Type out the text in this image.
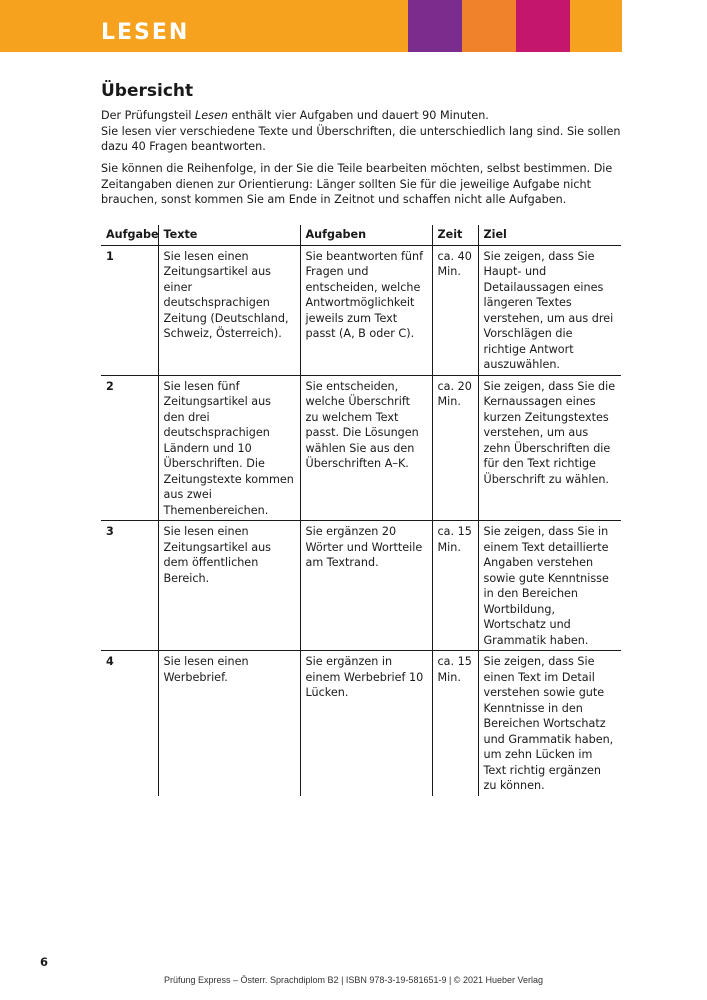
LESEN
Übersicht

Der Prüfungsteil Lesen enthält vier Aufgaben und dauert 90 Minuten.
Sie lesen vier verschiedene Texte und Überschriften, die unterschiedlich lang sind. Sie sollen dazu 40 Fragen beantworten.

Sie können die Reihenfolge, in der Sie die Teile bearbeiten möchten, selbst bestimmen. Die Zeitangaben dienen zur Orientierung: Länger sollten Sie für die jeweilige Aufgabe nicht brauchen, sonst kommen Sie am Ende in Zeitnot und schaffen nicht alle Aufgaben.

Aufgabe	Texte	Aufgaben	Zeit	Ziel
1	Sie lesen einen Zeitungsartikel aus einer deutschsprachigen Zeitung (Deutschland, Schweiz, Österreich).	Sie beantworten fünf Fragen und entscheiden, welche Antwortmöglichkeit jeweils zum Text passt (A, B oder C).	ca. 40 Min.	Sie zeigen, dass Sie Haupt- und Detailaussagen eines längeren Textes verstehen, um aus drei Vorschlägen die richtige Antwort auszuwählen.
2	Sie lesen fünf Zeitungsartikel aus den drei deutschsprachigen Ländern und 10 Überschriften. Die Zeitungstexte kommen aus zwei Themenbereichen.	Sie entscheiden, welche Überschrift zu welchem Text passt. Die Lösungen wählen Sie aus den Überschriften A–K.	ca. 20 Min.	Sie zeigen, dass Sie die Kernaussagen eines kurzen Zeitungstextes verstehen, um aus zehn Überschriften die für den Text richtige Überschrift zu wählen.
3	Sie lesen einen Zeitungsartikel aus dem öffentlichen Bereich.	Sie ergänzen 20 Wörter und Wortteile am Textrand.	ca. 15 Min.	Sie zeigen, dass Sie in einem Text detaillierte Angaben verstehen sowie gute Kenntnisse in den Bereichen Wortbildung, Wortschatz und Grammatik haben.
4	Sie lesen einen Werbebrief.	Sie ergänzen in einem Werbebrief 10 Lücken.	ca. 15 Min.	Sie zeigen, dass Sie einen Text im Detail verstehen sowie gute Kenntnisse in den Bereichen Wortschatz und Grammatik haben, um zehn Lücken im Text richtig ergänzen zu können.
6
Prüfung Express – Österr. Sprachdiplom B2 | ISBN 978-3-19-581651-9 | © 2021 Hueber Verlag
